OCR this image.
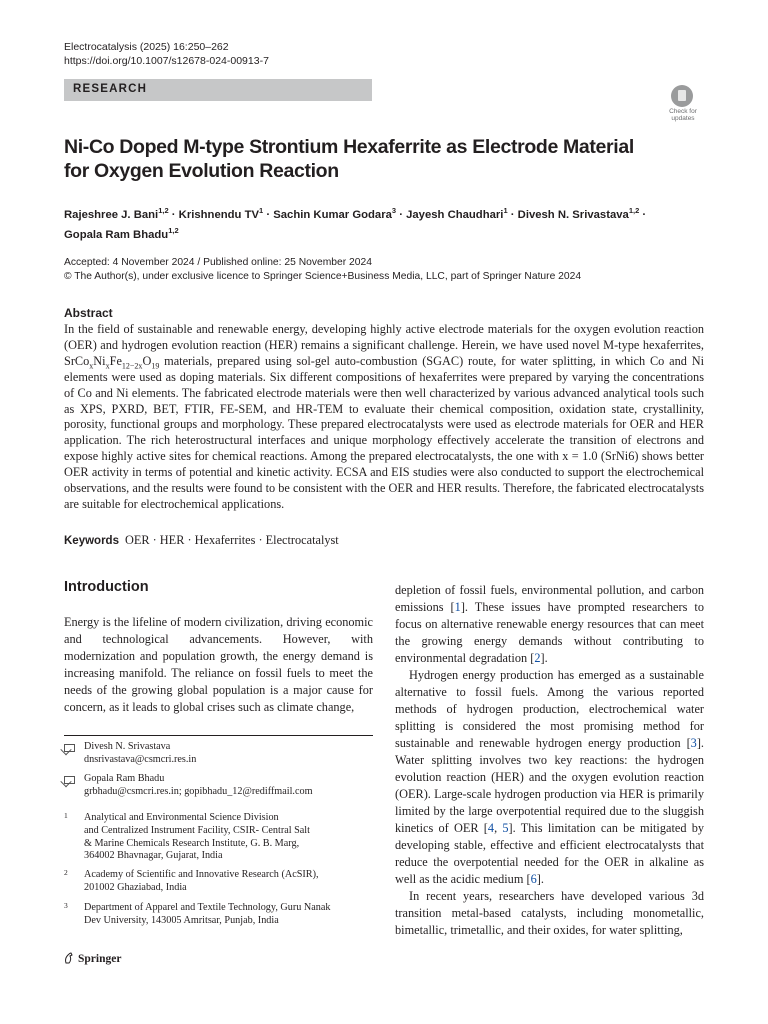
Electrocatalysis (2025) 16:250–262
https://doi.org/10.1007/s12678-024-00913-7
RESEARCH
Check for updates
Ni-Co Doped M-type Strontium Hexaferrite as Electrode Material
for Oxygen Evolution Reaction
Rajeshree J. Bani$^{1,2}$ · Krishnendu $TV^1$ · Sachin Kumar Godara$^3$ · Jayesh Chaudhari$^1$ · Divesh N. Srivastava$^{1,2}$ ·
Gopala Ram Bhadu$^{1,2}$
Accepted: 4 November 2024 / Published online: 25 November 2024
© The Author(s), under exclusive licence to Springer Science+Business Media, LLC, part of Springer Nature 2024
Abstract
In the field of sustainable and renewable energy, developing highly active electrode materials for the oxygen evolution reaction (OER) and hydrogen evolution reaction (HER) remains a significant challenge. Herein, we have used novel M-type hexaferrites, $SrCo_xNi_xFe_{12-2x}O_{19}$ materials, prepared using sol-gel auto-combustion (SGAC) route, for water splitting, in which Co and Ni elements were used as doping materials. Six different compositions of hexaferrites were prepared by varying the concentrations of Co and Ni elements. The fabricated electrode materials were then well characterized by various advanced analytical tools such as XPS, PXRD, BET, FTIR, FE-SEM, and HR-TEM to evaluate their chemical composition, oxidation state, crystallinity, porosity, functional groups and morphology. These prepared electrocatalysts were used as electrode materials for OER and HER application. The rich heterostructural interfaces and unique morphology effectively accelerate the transition of electrons and expose highly active sites for chemical reactions. Among the prepared electrocatalysts, the one with x = 1.0 (SrNi6) shows better OER activity in terms of potential and kinetic activity. ECSA and EIS studies were also conducted to support the electrochemical observations, and the results were found to be consistent with the OER and HER results. Therefore, the fabricated electrocatalysts are suitable for electrochemical applications.
Keywords OER · HER · Hexaferrites · Electrocatalyst
Introduction

Energy is the lifeline of modern civilization, driving economic and technological advancements. However, with modernization and population growth, the energy demand is increasing manifold. The reliance on fossil fuels to meet the needs of the growing global population is a major cause for concern, as it leads to global crises such as climate change,

depletion of fossil fuels, environmental pollution, and carbon emissions [1]. These issues have prompted researchers to focus on alternative renewable energy resources that can meet the growing energy demands without contributing to environmental degradation [2].

Hydrogen energy production has emerged as a sustainable alternative to fossil fuels. Among the various reported methods of hydrogen production, electrochemical water splitting is considered the most promising method for sustainable and renewable hydrogen energy production [3]. Water splitting involves two key reactions: the hydrogen evolution reaction (HER) and the oxygen evolution reaction (OER). Large-scale hydrogen production via HER is primarily limited by the large overpotential required due to the sluggish kinetics of OER [4, 5]. This limitation can be mitigated by developing stable, effective and efficient electrocatalysts that reduce the overpotential needed for the OER in alkaline as well as the acidic medium [6].

In recent years, researchers have developed various 3d transition metal-based catalysts, including monometallic, bimetallic, trimetallic, and their oxides, for water splitting,

Divesh N. Srivastava
dnsrivastava@csmcri.res.in
Gopala Ram Bhadu
grbhadu@csmcri.res.in; gopibhadu_12@rediffmail.com
1 Analytical and Environmental Science Division
and Centralized Instrument Facility, CSIR- Central Salt
& Marine Chemicals Research Institute, G. B. Marg,
364002 Bhavnagar, Gujarat, India
2 Academy of Scientific and Innovative Research (AcSIR),
201002 Ghaziabad, India
3 Department of Apparel and Textile Technology, Guru Nanak
Dev University, 143005 Amritsar, Punjab, India
Springer
